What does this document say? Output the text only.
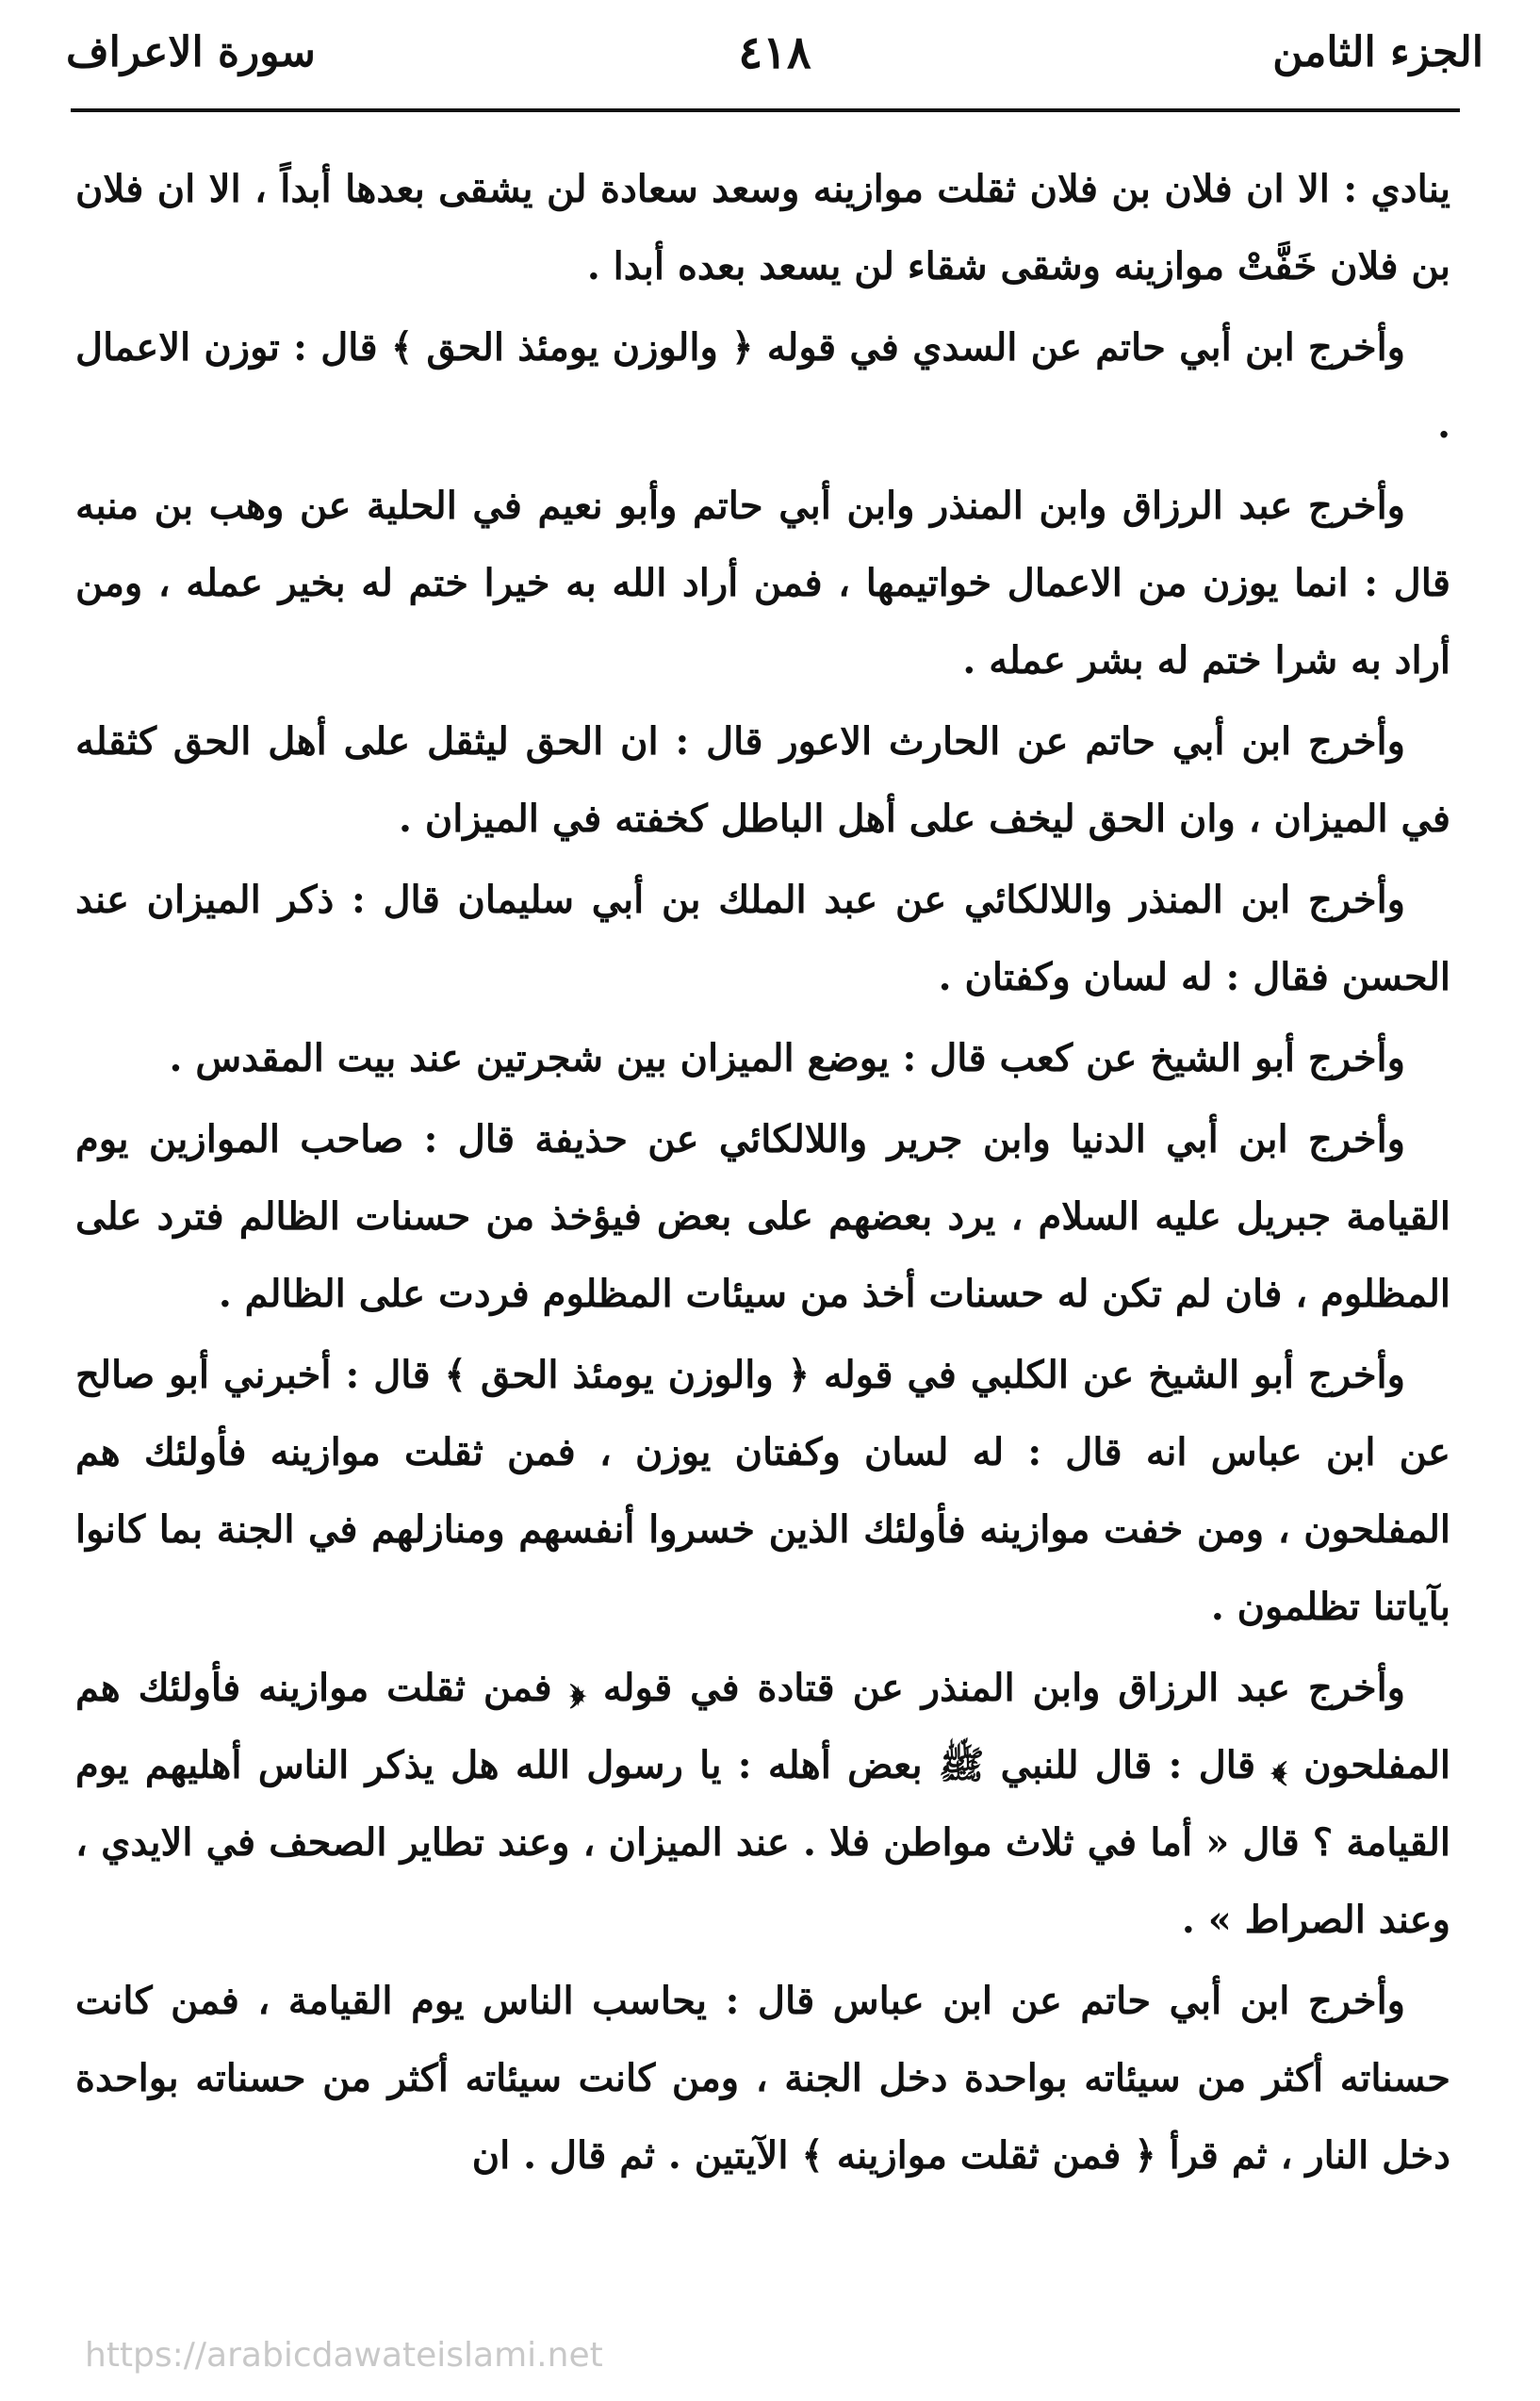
الجزء الثامن
٤١٨
سورة الاعراف

ينادي : الا ان فلان بن فلان ثقلت موازينه وسعد سعادة لن يشقى بعدها أبداً ، الا ان فلان بن فلان خَفَّتْ موازينه وشقى شقاء لن يسعد بعده أبدا .

وأخرج ابن أبي حاتم عن السدي في قوله ﴿ والوزن يومئذ الحق ﴾ قال : توزن الاعمال .

وأخرج عبد الرزاق وابن المنذر وابن أبي حاتم وأبو نعيم في الحلية عن وهب بن منبه قال : انما يوزن من الاعمال خواتيمها ، فمن أراد الله به خيرا ختم له بخير عمله ، ومن أراد به شرا ختم له بشر عمله .

وأخرج ابن أبي حاتم عن الحارث الاعور قال : ان الحق ليثقل على أهل الحق كثقله في الميزان ، وان الحق ليخف على أهل الباطل كخفته في الميزان .

وأخرج ابن المنذر واللالكائي عن عبد الملك بن أبي سليمان قال : ذكر الميزان عند الحسن فقال : له لسان وكفتان .

وأخرج أبو الشيخ عن كعب قال : يوضع الميزان بين شجرتين عند بيت المقدس .

وأخرج ابن أبي الدنيا وابن جرير واللالكائي عن حذيفة قال : صاحب الموازين يوم القيامة جبريل عليه السلام ، يرد بعضهم على بعض فيؤخذ من حسنات الظالم فترد على المظلوم ، فان لم تكن له حسنات أخذ من سيئات المظلوم فردت على الظالم .

وأخرج أبو الشيخ عن الكلبي في قوله ﴿ والوزن يومئذ الحق ﴾ قال : أخبرني أبو صالح عن ابن عباس انه قال : له لسان وكفتان يوزن ، فمن ثقلت موازينه فأولئك هم المفلحون ، ومن خفت موازينه فأولئك الذين خسروا أنفسهم ومنازلهم في الجنة بما كانوا بآياتنا تظلمون .

وأخرج عبد الرزاق وابن المنذر عن قتادة في قوله ﴿ فمن ثقلت موازينه فأولئك هم المفلحون ﴾ قال : قال للنبي ﷺ بعض أهله : يا رسول الله هل يذكر الناس أهليهم يوم القيامة ؟ قال « أما في ثلاث مواطن فلا . عند الميزان ، وعند تطاير الصحف في الايدي ، وعند الصراط » .

وأخرج ابن أبي حاتم عن ابن عباس قال : يحاسب الناس يوم القيامة ، فمن كانت حسناته أكثر من سيئاته بواحدة دخل الجنة ، ومن كانت سيئاته أكثر من حسناته بواحدة دخل النار ، ثم قرأ ﴿ فمن ثقلت موازينه ﴾ الآيتين . ثم قال . ان

https://arabicdawateislami.net
